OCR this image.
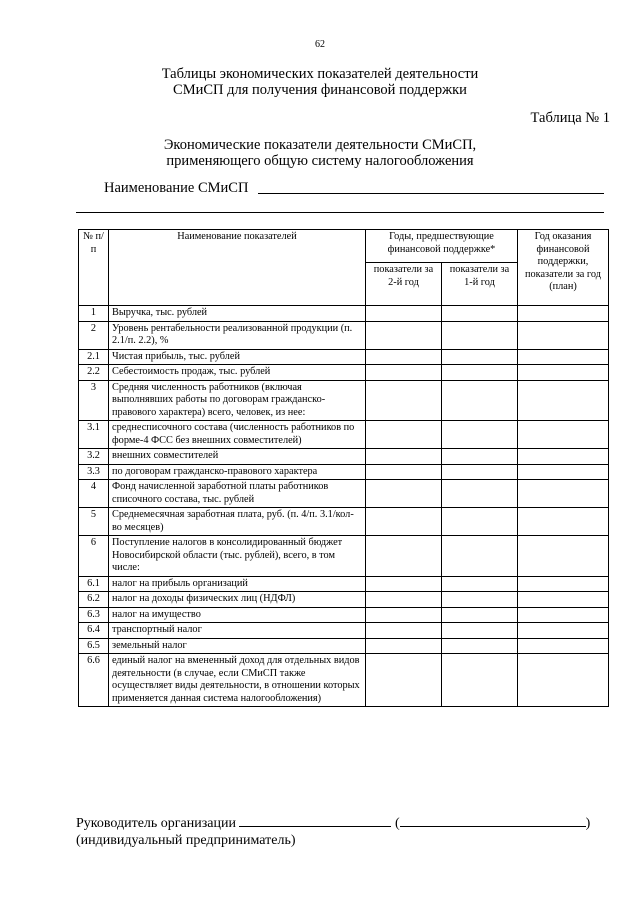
62
Таблицы экономических показателей деятельности
СМиСП для получения финансовой поддержки
Таблица № 1
Экономические показатели деятельности СМиСП,
применяющего общую систему налогообложения
Наименование СМиСП
№ п/п	Наименование показателей	Годы, предшествующие финансовой поддержке*		Год оказания финансовой поддержки, показатели за год (план)
		показатели за 2-й год	показатели за 1-й год	
1	Выручка, тыс. рублей			
2	Уровень рентабельности реализованной продукции (п. 2.1/п. 2.2), %			
2.1	Чистая прибыль, тыс. рублей			
2.2	Себестоимость продаж, тыс. рублей			
3	Средняя численность работников (включая выполнявших работы по договорам гражданско-правового характера) всего, человек, из нее:			
3.1	среднесписочного состава (численность работников по форме-4 ФСС без внешних совместителей)			
3.2	внешних совместителей			
3.3	по договорам гражданско-правового характера			
4	Фонд начисленной заработной платы работников списочного состава, тыс. рублей			
5	Среднемесячная заработная плата, руб. (п. 4/п. 3.1/кол-во месяцев)			
6	Поступление налогов в консолидированный бюджет Новосибирской области (тыс. рублей), всего, в том числе:			
6.1	налог на прибыль организаций			
6.2	налог на доходы физических лиц (НДФЛ)			
6.3	налог на имущество			
6.4	транспортный налог			
6.5	земельный налог			
6.6	единый налог на вмененный доход для отдельных видов деятельности (в случае, если СМиСП также осуществляет виды деятельности, в отношении которых применяется данная система налогообложения)			
Руководитель организации	(	)
(индивидуальный предприниматель)
